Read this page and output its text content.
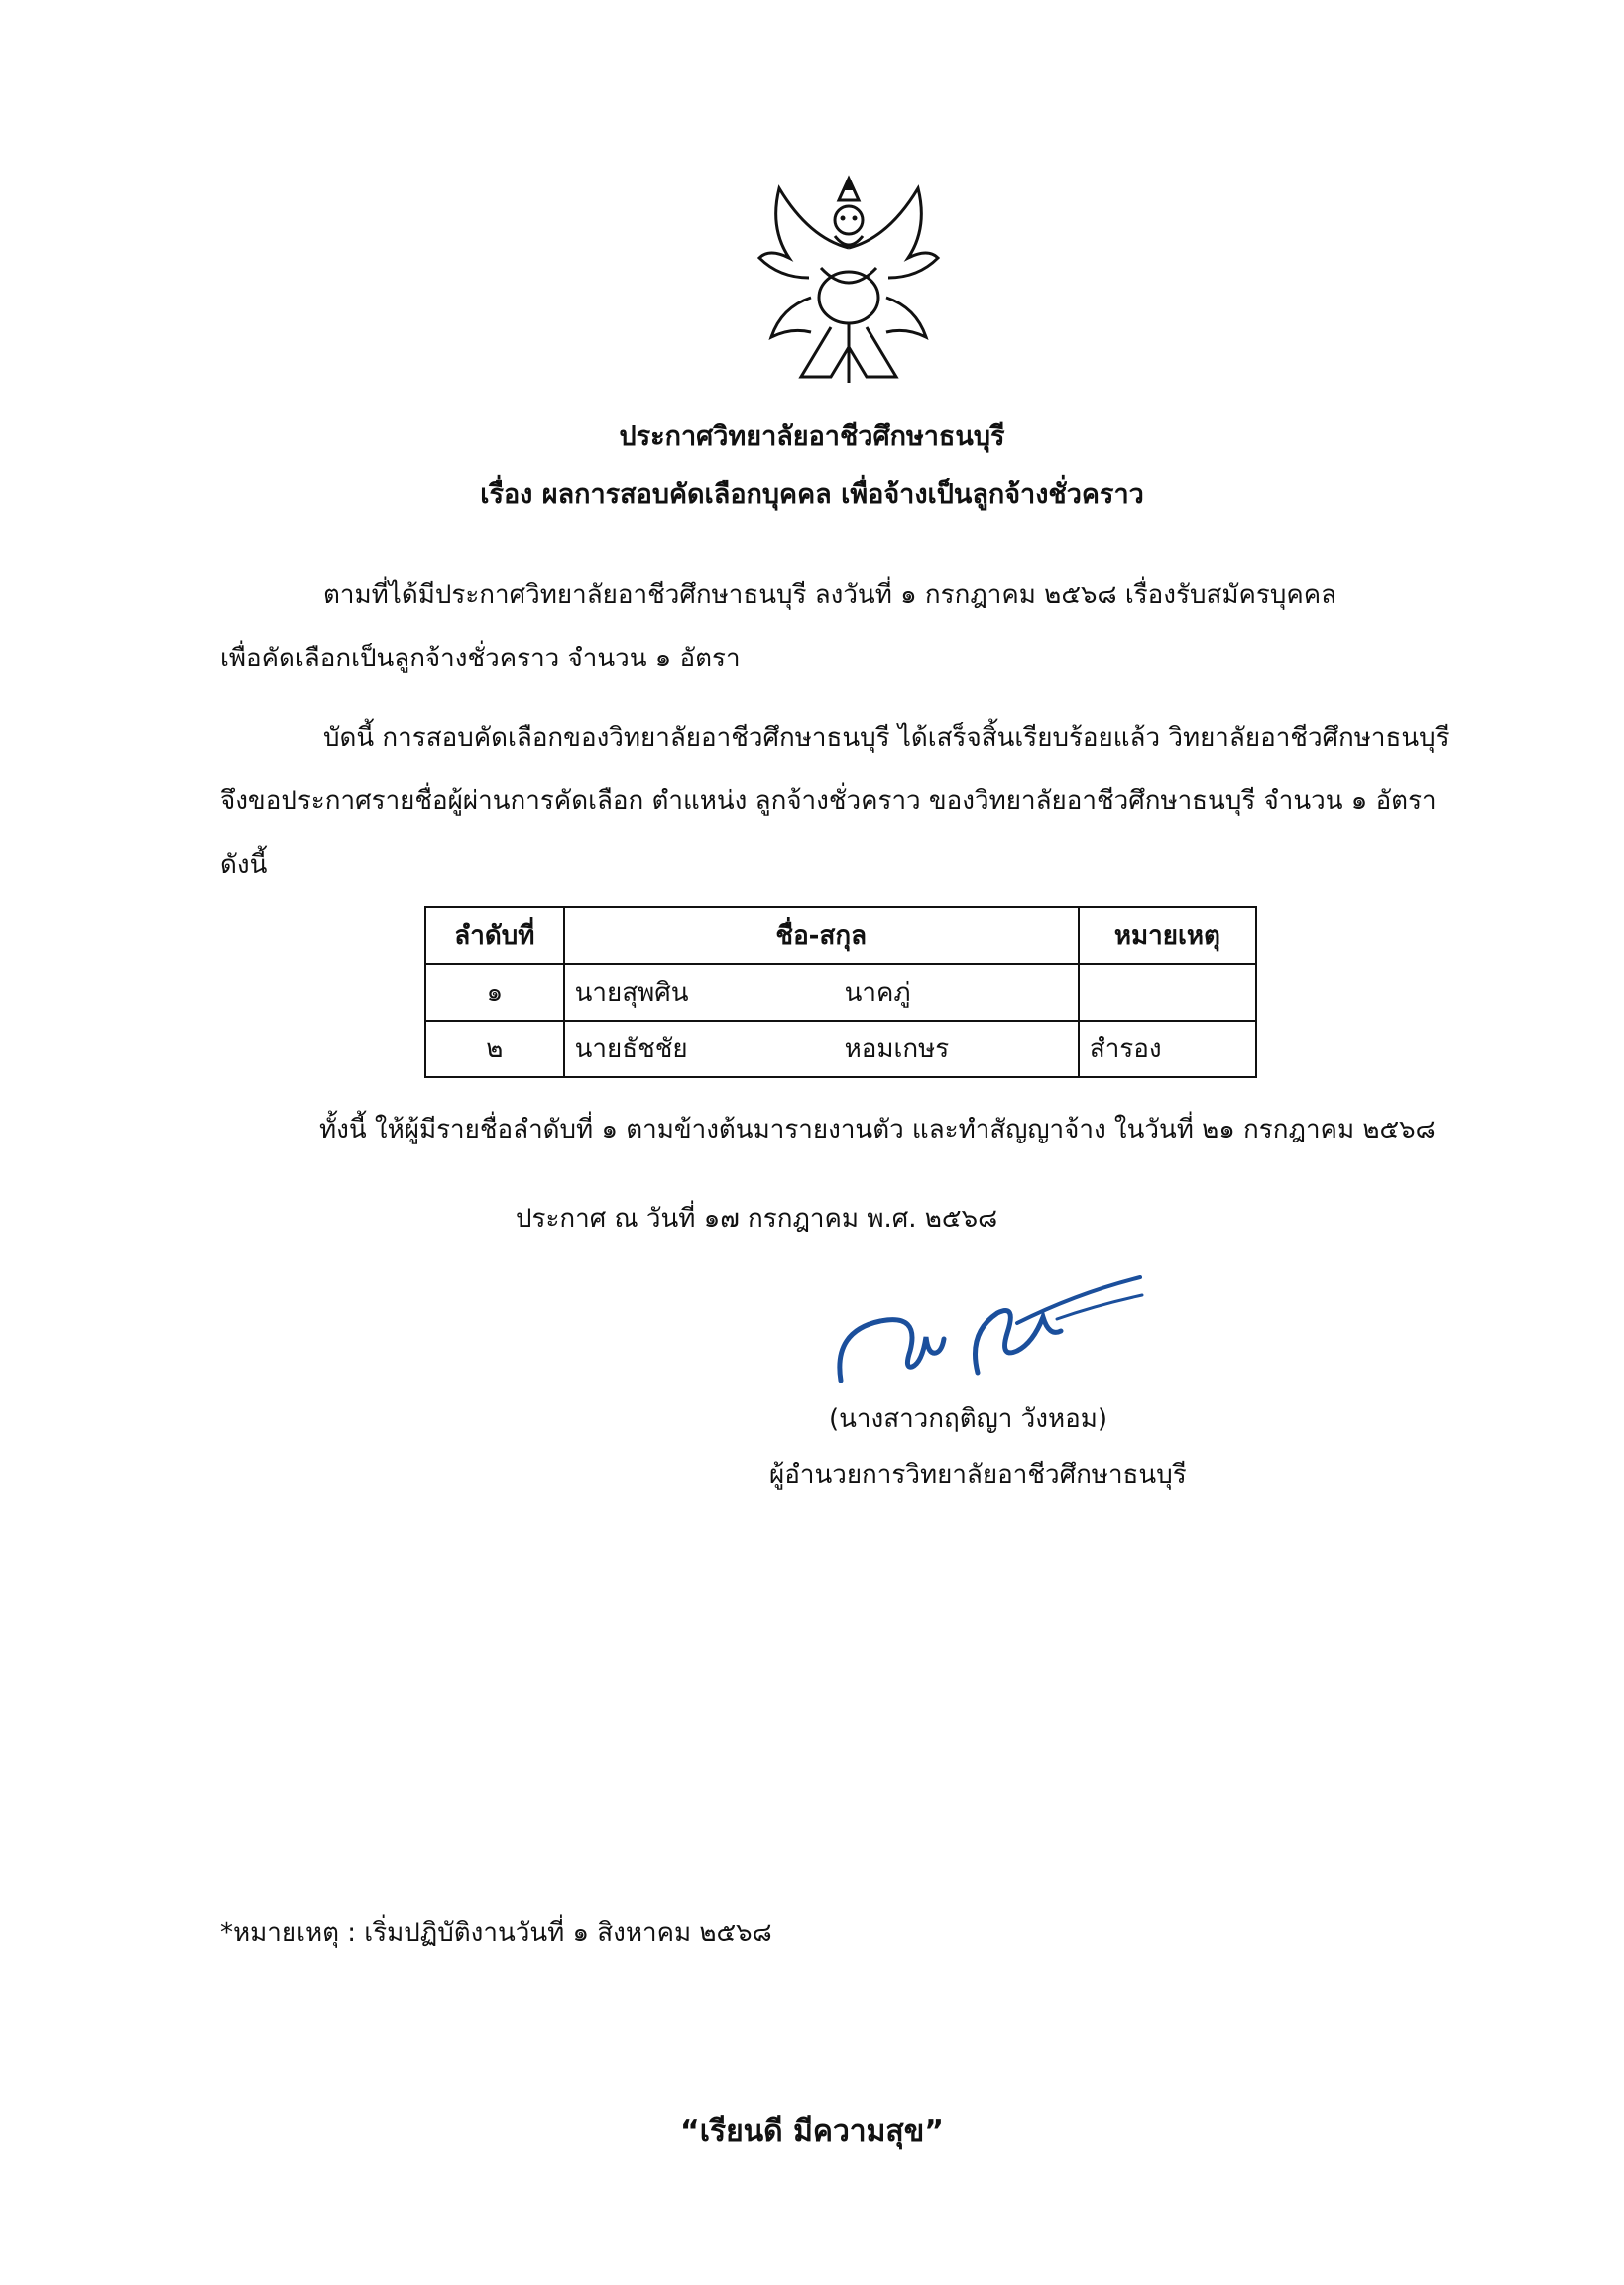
ประกาศวิทยาลัยอาชีวศึกษาธนบุรี
เรื่อง ผลการสอบคัดเลือกบุคคล เพื่อจ้างเป็นลูกจ้างชั่วคราว

ตามที่ได้มีประกาศวิทยาลัยอาชีวศึกษาธนบุรี ลงวันที่ ๑ กรกฎาคม ๒๕๖๘ เรื่องรับสมัครบุคคล
เพื่อคัดเลือกเป็นลูกจ้างชั่วคราว จำนวน ๑ อัตรา

บัดนี้ การสอบคัดเลือกของวิทยาลัยอาชีวศึกษาธนบุรี ได้เสร็จสิ้นเรียบร้อยแล้ว วิทยาลัยอาชีวศึกษาธนบุรี
จึงขอประกาศรายชื่อผู้ผ่านการคัดเลือก ตำแหน่ง ลูกจ้างชั่วคราว ของวิทยาลัยอาชีวศึกษาธนบุรี จำนวน ๑ อัตรา
ดังนี้

ลำดับที่	ชื่อ-สกุล	หมายเหตุ
๑	นายสุพศิน นาคภู่	
๒	นายธัชชัย หอมเกษร	สำรอง
ทั้งนี้ ให้ผู้มีรายชื่อลำดับที่ ๑ ตามข้างต้นมารายงานตัว และทำสัญญาจ้าง ในวันที่ ๒๑ กรกฎาคม ๒๕๖๘
ประกาศ ณ วันที่ ๑๗ กรกฎาคม พ.ศ. ๒๕๖๘
(นางสาวกฤติญา วังหอม)
ผู้อำนวยการวิทยาลัยอาชีวศึกษาธนบุรี
*หมายเหตุ : เริ่มปฏิบัติงานวันที่ ๑ สิงหาคม ๒๕๖๘
“เรียนดี มีความสุข”
